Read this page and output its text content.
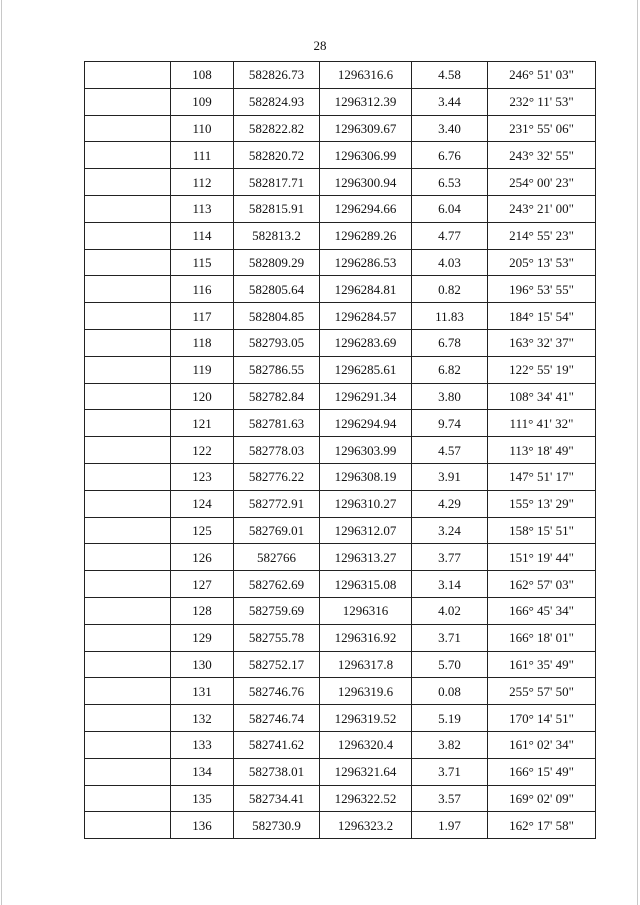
28
	108	582826.73	1296316.6	4.58	246° 51' 03"
	109	582824.93	1296312.39	3.44	232° 11' 53"
	110	582822.82	1296309.67	3.40	231° 55' 06"
	111	582820.72	1296306.99	6.76	243° 32' 55"
	112	582817.71	1296300.94	6.53	254° 00' 23"
	113	582815.91	1296294.66	6.04	243° 21' 00"
	114	582813.2	1296289.26	4.77	214° 55' 23"
	115	582809.29	1296286.53	4.03	205° 13' 53"
	116	582805.64	1296284.81	0.82	196° 53' 55"
	117	582804.85	1296284.57	11.83	184° 15' 54"
	118	582793.05	1296283.69	6.78	163° 32' 37"
	119	582786.55	1296285.61	6.82	122° 55' 19"
	120	582782.84	1296291.34	3.80	108° 34' 41"
	121	582781.63	1296294.94	9.74	111° 41' 32"
	122	582778.03	1296303.99	4.57	113° 18' 49"
	123	582776.22	1296308.19	3.91	147° 51' 17"
	124	582772.91	1296310.27	4.29	155° 13' 29"
	125	582769.01	1296312.07	3.24	158° 15' 51"
	126	582766	1296313.27	3.77	151° 19' 44"
	127	582762.69	1296315.08	3.14	162° 57' 03"
	128	582759.69	1296316	4.02	166° 45' 34"
	129	582755.78	1296316.92	3.71	166° 18' 01"
	130	582752.17	1296317.8	5.70	161° 35' 49"
	131	582746.76	1296319.6	0.08	255° 57' 50"
	132	582746.74	1296319.52	5.19	170° 14' 51"
	133	582741.62	1296320.4	3.82	161° 02' 34"
	134	582738.01	1296321.64	3.71	166° 15' 49"
	135	582734.41	1296322.52	3.57	169° 02' 09"
	136	582730.9	1296323.2	1.97	162° 17' 58"
